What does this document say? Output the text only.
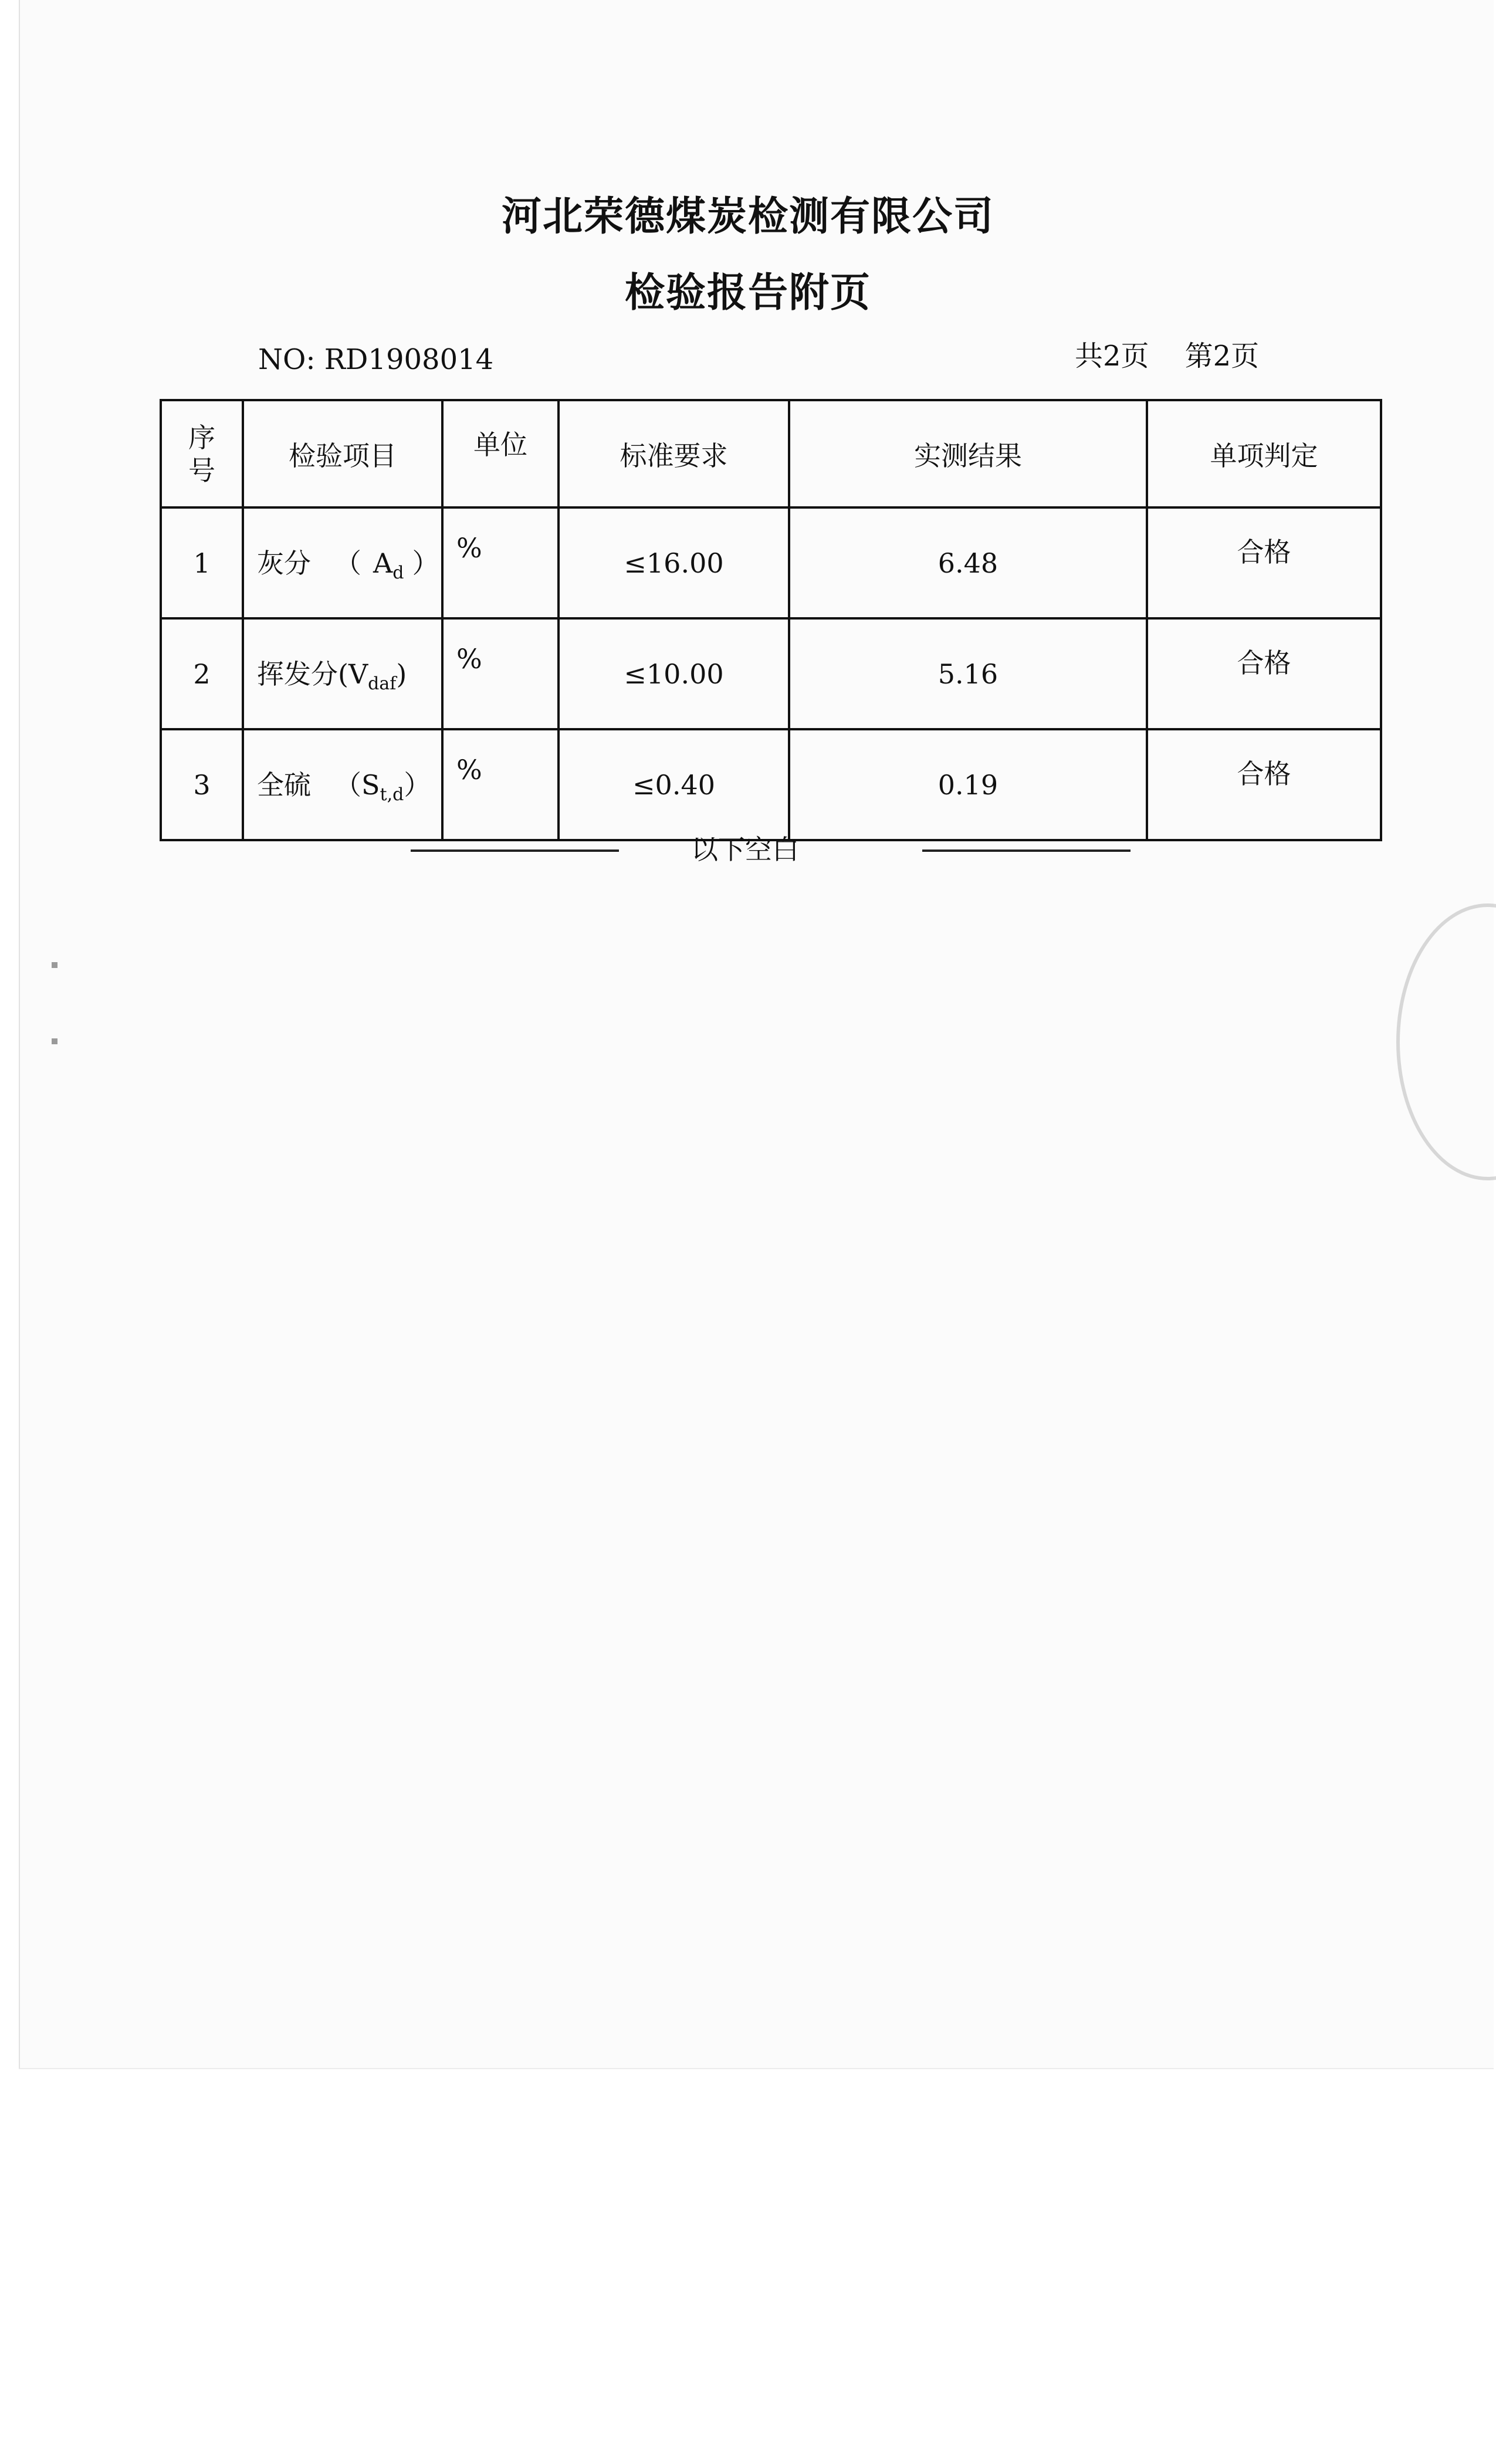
河北荣德煤炭检测有限公司
检验报告附页
NO: RD1908014	共2页    第2页
序
号	检验项目	单位	标准要求	实测结果	单项判定
1	灰分 （ $A_d$ ）	%	≤16.00	6.48	合格
2	挥发分$(V_{daf})$	%	≤10.00	5.16	合格
3	全硫 $(S_{t,d})$	%	≤0.40	0.19	合格
以下空白
